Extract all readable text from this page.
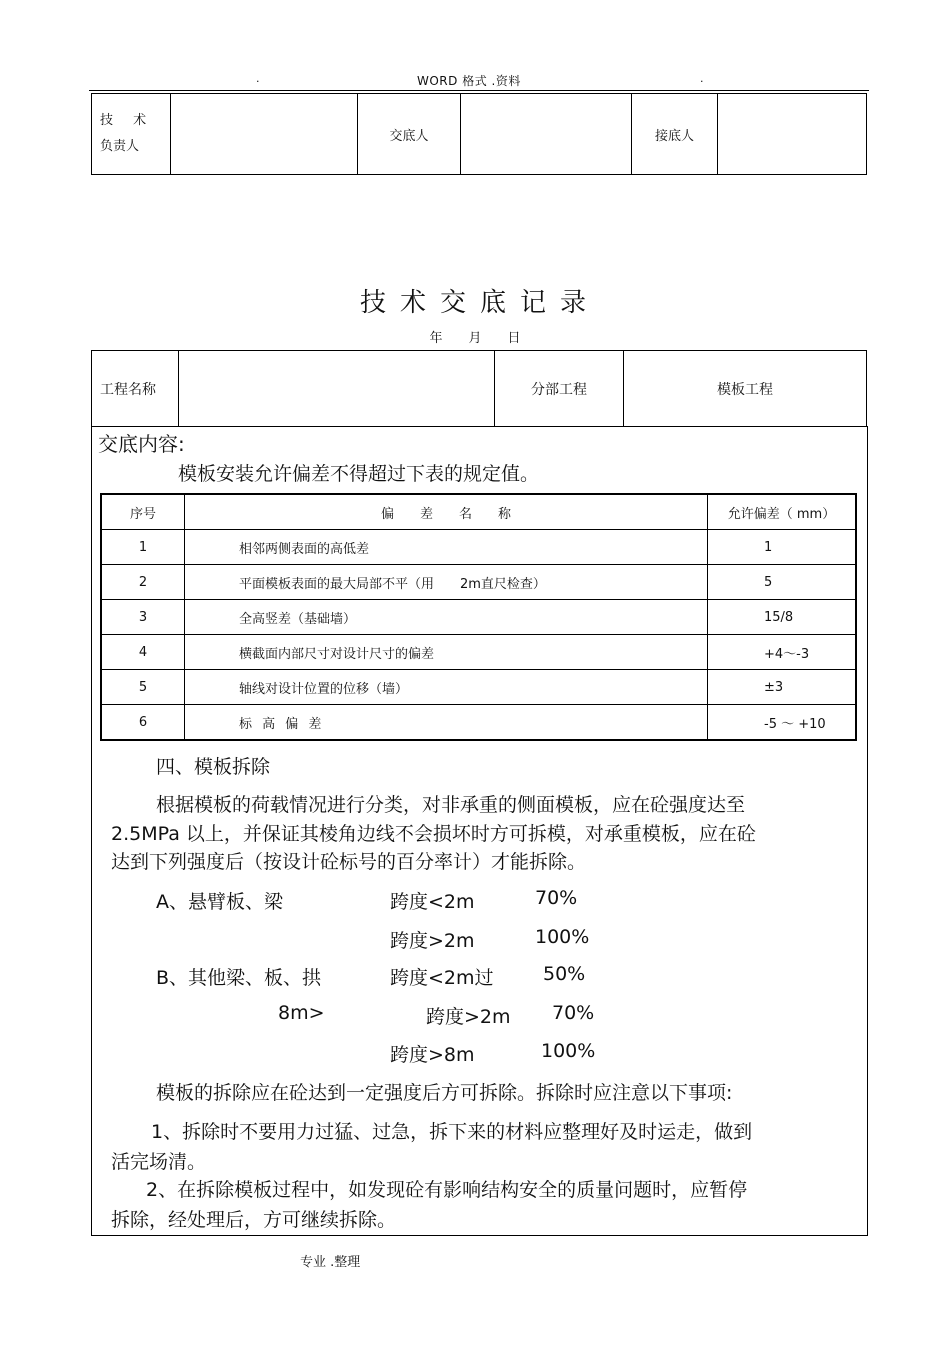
.	WORD 格式 .资料	.
技 术
负责人
		交底人		接底人	
技术交底记录
年　　月　　日
工程名称		分部工程	模板工程
交底内容:
模板安装允许偏差不得超过下表的规定值。
序号	偏　　差　　名　　称	允许偏差（ mm）
1	相邻两侧表面的高低差	1
2	平面模板表面的最大局部不平（用　　2m直尺检查）	5
3	全高竖差（基础墙）	15/8
4	横截面内部尺寸对设计尺寸的偏差	+4～-3
5	轴线对设计位置的位移（墙）	±3
6	标 高 偏 差	-5 ～ +10
四、模板拆除
根据模板的荷载情况进行分类，对非承重的侧面模板，应在砼强度达至
2.5MPa 以上，并保证其棱角边线不会损坏时方可拆模，对承重模板，应在砼
达到下列强度后（按设计砼标号的百分率计）才能拆除。
A、悬臂板、梁	跨度<2m	70%
跨度>2m	100%
B、其他梁、板、拱	跨度<2m过	50%
8m>	跨度>2m 70%
跨度>8m	100%
模板的拆除应在砼达到一定强度后方可拆除。拆除时应注意以下事项:
1、拆除时不要用力过猛、过急，拆下来的材料应整理好及时运走，做到
活完场清。
2、在拆除模板过程中，如发现砼有影响结构安全的质量问题时，应暂停
拆除，经处理后，方可继续拆除。
专业 .整理
